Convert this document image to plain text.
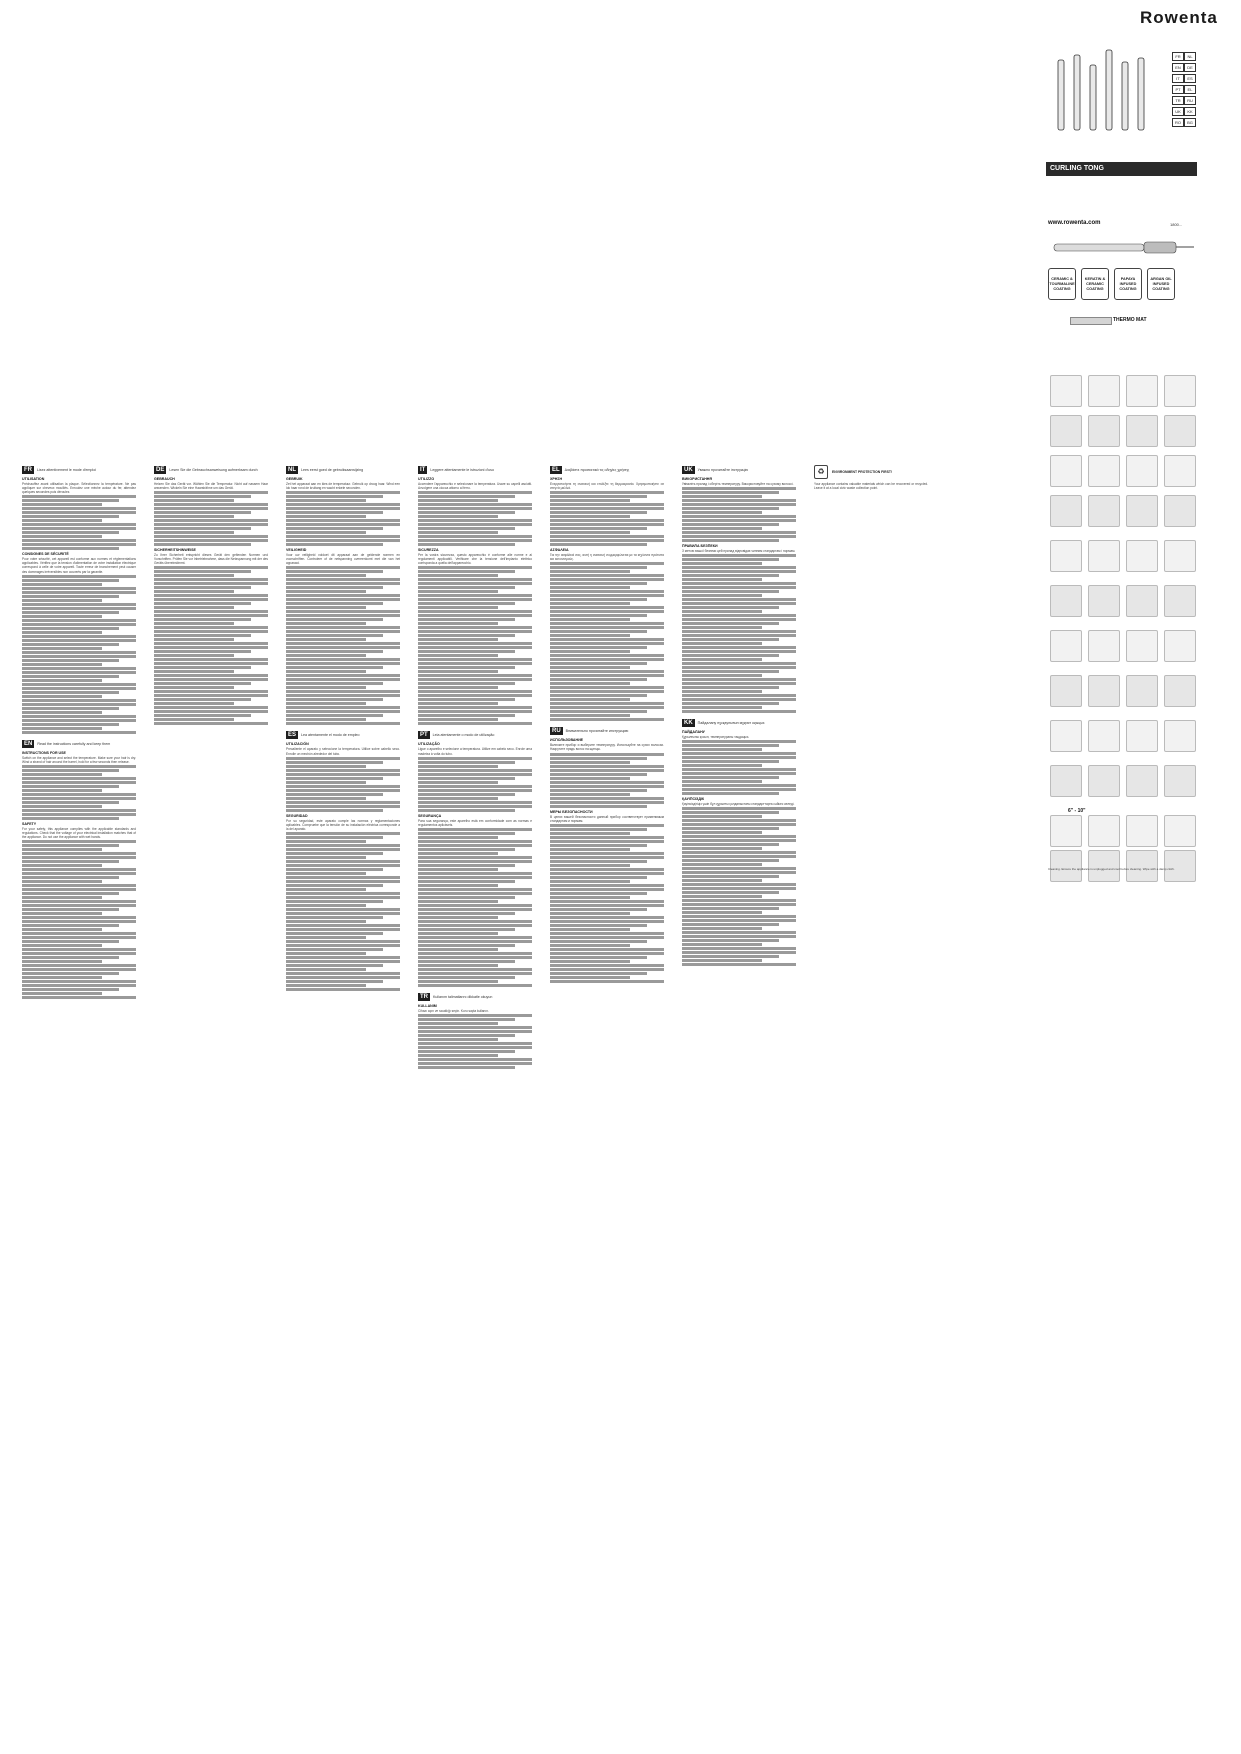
Rowenta
FR	NL
EN	DE
IT	ES
PT	EL
TR	RU
UK	KK
RO	BG
CURLING TONG
www.rowenta.com	1800...
CERAMIC & TOURMALINE COATING
KERATIN & CERAMIC COATING
PAPAYA INFUSED COATING
ARGAN OIL INFUSED COATING
THERMO MAT
6" - 10"
Cleaning. Ensure the appliance is unplugged and cool before cleaning. Wipe with a damp cloth.
FR	Lisez attentivement le mode d'emploi
UTILISATION
Préchauffez avant utilisation la plaque. Sélectionnez la température. Ne pas appliquer sur cheveux mouillés. Enroulez une mèche autour du fer, attendez quelques secondes puis déroulez.
CONSIGNES DE SÉCURITÉ
Pour votre sécurité, cet appareil est conforme aux normes et réglementations applicables. Vérifiez que la tension d'alimentation de votre installation électrique correspond à celle de votre appareil. Toute erreur de branchement peut causer des dommages irréversibles non couverts par la garantie.
EN	Read the instructions carefully and keep them
INSTRUCTIONS FOR USE
Switch on the appliance and select the temperature. Make sure your hair is dry. Wind a strand of hair around the barrel, hold for a few seconds then release.
SAFETY
For your safety, this appliance complies with the applicable standards and regulations. Check that the voltage of your electrical installation matches that of the appliance. Do not use the appliance with wet hands.
DE	Lesen Sie die Gebrauchsanweisung aufmerksam durch
GEBRAUCH
Heizen Sie das Gerät vor. Wählen Sie die Temperatur. Nicht auf nassem Haar anwenden. Wickeln Sie eine Haarsträhne um das Gerät.
SICHERHEITSHINWEISE
Zu Ihrer Sicherheit entspricht dieses Gerät den geltenden Normen und Vorschriften. Prüfen Sie vor Inbetriebnahme, dass die Netzspannung mit der des Geräts übereinstimmt.
NL	Lees eerst goed de gebruiksaanwijzing
GEBRUIK
Zet het apparaat aan en kies de temperatuur. Gebruik op droog haar. Wind een lok haar rond de krultang en wacht enkele seconden.
VEILIGHEID
Voor uw veiligheid voldoet dit apparaat aan de geldende normen en voorschriften. Controleer of de netspanning overeenkomt met die van het apparaat.
ES	Lea atentamente el modo de empleo
UTILIZACIÓN
Precaliente el aparato y seleccione la temperatura. Utilice sobre cabello seco. Enrolle un mechón alrededor del tubo.
SEGURIDAD
Por su seguridad, este aparato cumple las normas y reglamentaciones aplicables. Compruebe que la tensión de su instalación eléctrica corresponde a la del aparato.
IT	Leggere attentamente le istruzioni d'uso
UTILIZZO
Accendere l'apparecchio e selezionare la temperatura. Usare su capelli asciutti. Avvolgere una ciocca attorno al ferro.
SICUREZZA
Per la vostra sicurezza, questo apparecchio è conforme alle norme e ai regolamenti applicabili. Verificare che la tensione dell'impianto elettrico corrisponda a quella dell'apparecchio.
PT	Leia atentamente o modo de utilização
UTILIZAÇÃO
Ligue o aparelho e selecione a temperatura. Utilize em cabelo seco. Enrole uma madeixa à volta do tubo.
SEGURANÇA
Para sua segurança, este aparelho está em conformidade com as normas e regulamentos aplicáveis.
TR	Kullanım talimatlarını dikkatle okuyun
KULLANIM
Cihazı açın ve sıcaklığı seçin. Kuru saçta kullanın.
EL	Διαβάστε προσεκτικά τις οδηγίες χρήσης
ΧΡΗΣΗ
Ενεργοποιήστε τη συσκευή και επιλέξτε τη θερμοκρασία. Χρησιμοποιήστε σε στεγνά μαλλιά.
ΑΣΦΑΛΕΙΑ
Για την ασφάλειά σας, αυτή η συσκευή συμμορφώνεται με τα ισχύοντα πρότυπα και κανονισμούς.
RU	Внимательно прочитайте инструкцию
ИСПОЛЬЗОВАНИЕ
Включите прибор и выберите температуру. Используйте на сухих волосах. Накрутите прядь волос на щипцы.
МЕРЫ БЕЗОПАСНОСТИ
В целях вашей безопасности данный прибор соответствует применимым стандартам и нормам.
UK	Уважно прочитайте інструкцію
ВИКОРИСТАННЯ
Увімкніть прилад і оберіть температуру. Використовуйте на сухому волоссі.
ПРАВИЛА БЕЗПЕКИ
З метою вашої безпеки цей прилад відповідає чинним стандартам і нормам.
KK	Пайдалану нұсқаулығын мұқият оқыңыз
ПАЙДАЛАНУ
Құрылғыны қосып, температураны таңдаңыз.
ҚАУІПСІЗДІК
Қауіпсіздігіңіз үшін бұл құрылғы қолданыстағы стандарттарға сәйкес келеді.
♻	ENVIRONMENT PROTECTION FIRST!
Your appliance contains valuable materials which can be recovered or recycled. Leave it at a local civic waste collection point.
